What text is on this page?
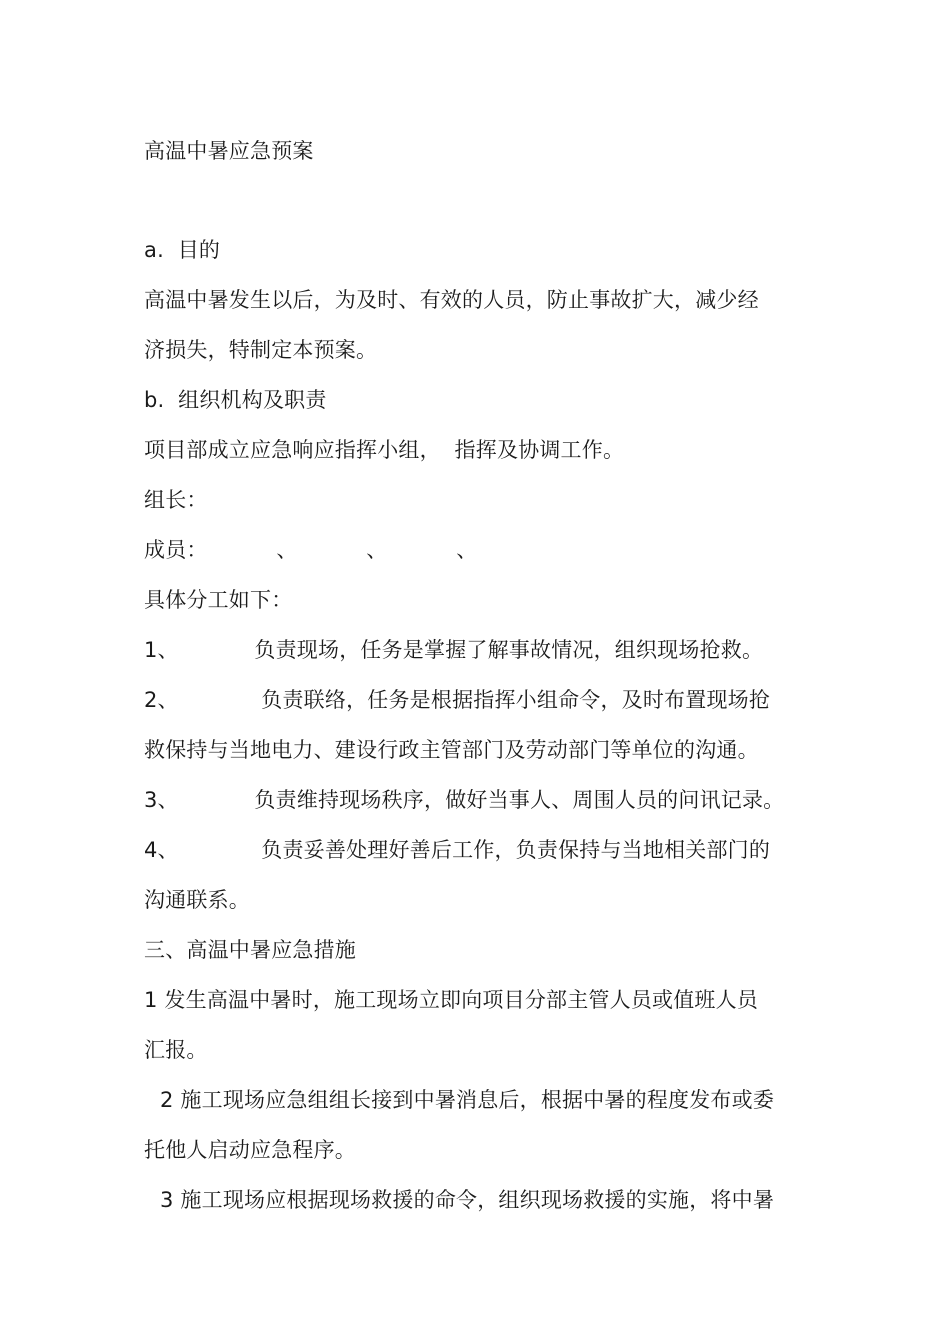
高温中暑应急预案
a.  目的
高温中暑发生以后，为及时、有效的人员，防止事故扩大，减少经
济损失，特制定本预案。
b.  组织机构及职责
项目部成立应急响应指挥小组，  指挥及协调工作。
组长：
成员：          、          、          、
具体分工如下：
1、           负责现场，任务是掌握了解事故情况，组织现场抢救。
2、            负责联络，任务是根据指挥小组命令，及时布置现场抢
救保持与当地电力、建设行政主管部门及劳动部门等单位的沟通。
3、           负责维持现场秩序，做好当事人、周围人员的问讯记录。
4、            负责妥善处理好善后工作，负责保持与当地相关部门的
沟通联系。
三、高温中暑应急措施
1 发生高温中暑时，施工现场立即向项目分部主管人员或值班人员
汇报。
2 施工现场应急组组长接到中暑消息后，根据中暑的程度发布或委
托他人启动应急程序。
3 施工现场应根据现场救援的命令，组织现场救援的实施，将中暑
